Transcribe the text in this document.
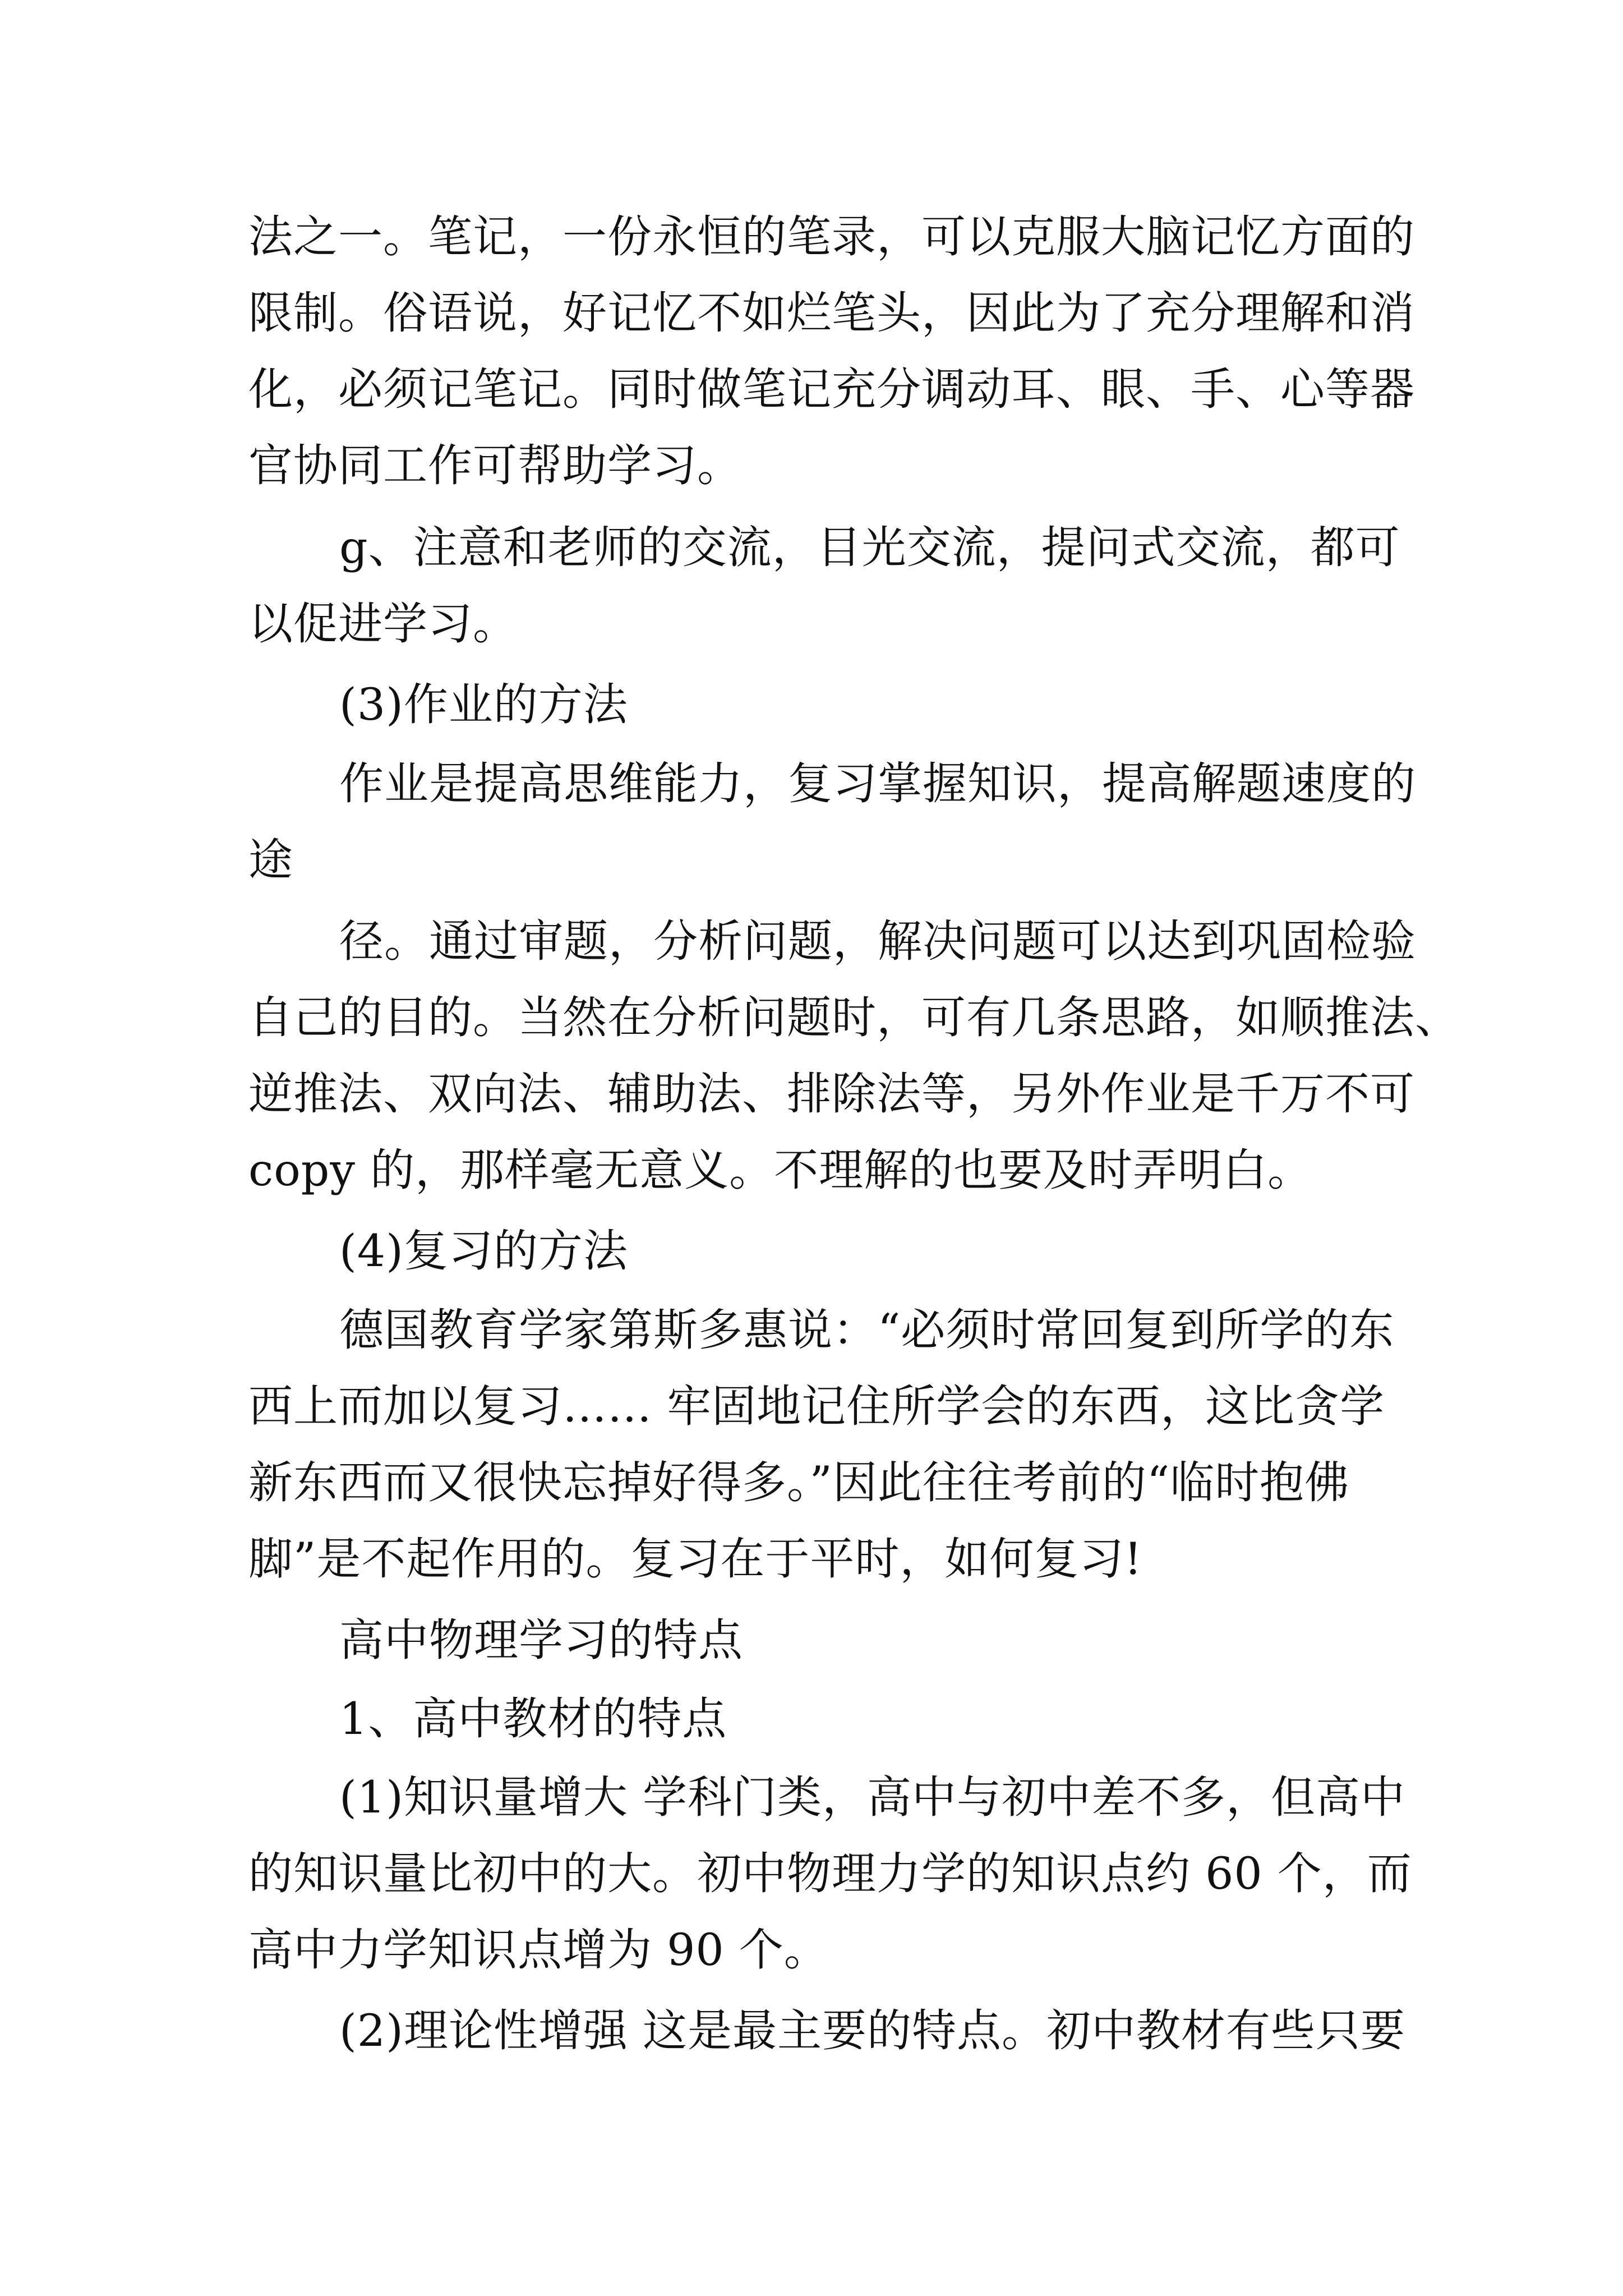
法之一。笔记，一份永恒的笔录，可以克服大脑记忆方面的
限制。俗语说，好记忆不如烂笔头，因此为了充分理解和消
化，必须记笔记。同时做笔记充分调动耳、眼、手、心等器
官协同工作可帮助学习。
g、注意和老师的交流，目光交流，提问式交流，都可
以促进学习。
(3)作业的方法
作业是提高思维能力，复习掌握知识，提高解题速度的
途
径。通过审题，分析问题，解决问题可以达到巩固检验
自己的目的。当然在分析问题时，可有几条思路，如顺推法、
逆推法、双向法、辅助法、排除法等，另外作业是千万不可
copy 的，那样毫无意义。不理解的也要及时弄明白。
(4)复习的方法
德国教育学家第斯多惠说：“必须时常回复到所学的东
西上而加以复习…… 牢固地记住所学会的东西，这比贪学
新东西而又很快忘掉好得多。”因此往往考前的“临时抱佛
脚”是不起作用的。复习在于平时，如何复习!
高中物理学习的特点
1、高中教材的特点
(1)知识量增大 学科门类，高中与初中差不多，但高中
的知识量比初中的大。初中物理力学的知识点约 60 个，而
高中力学知识点增为 90 个。
(2)理论性增强 这是最主要的特点。初中教材有些只要
